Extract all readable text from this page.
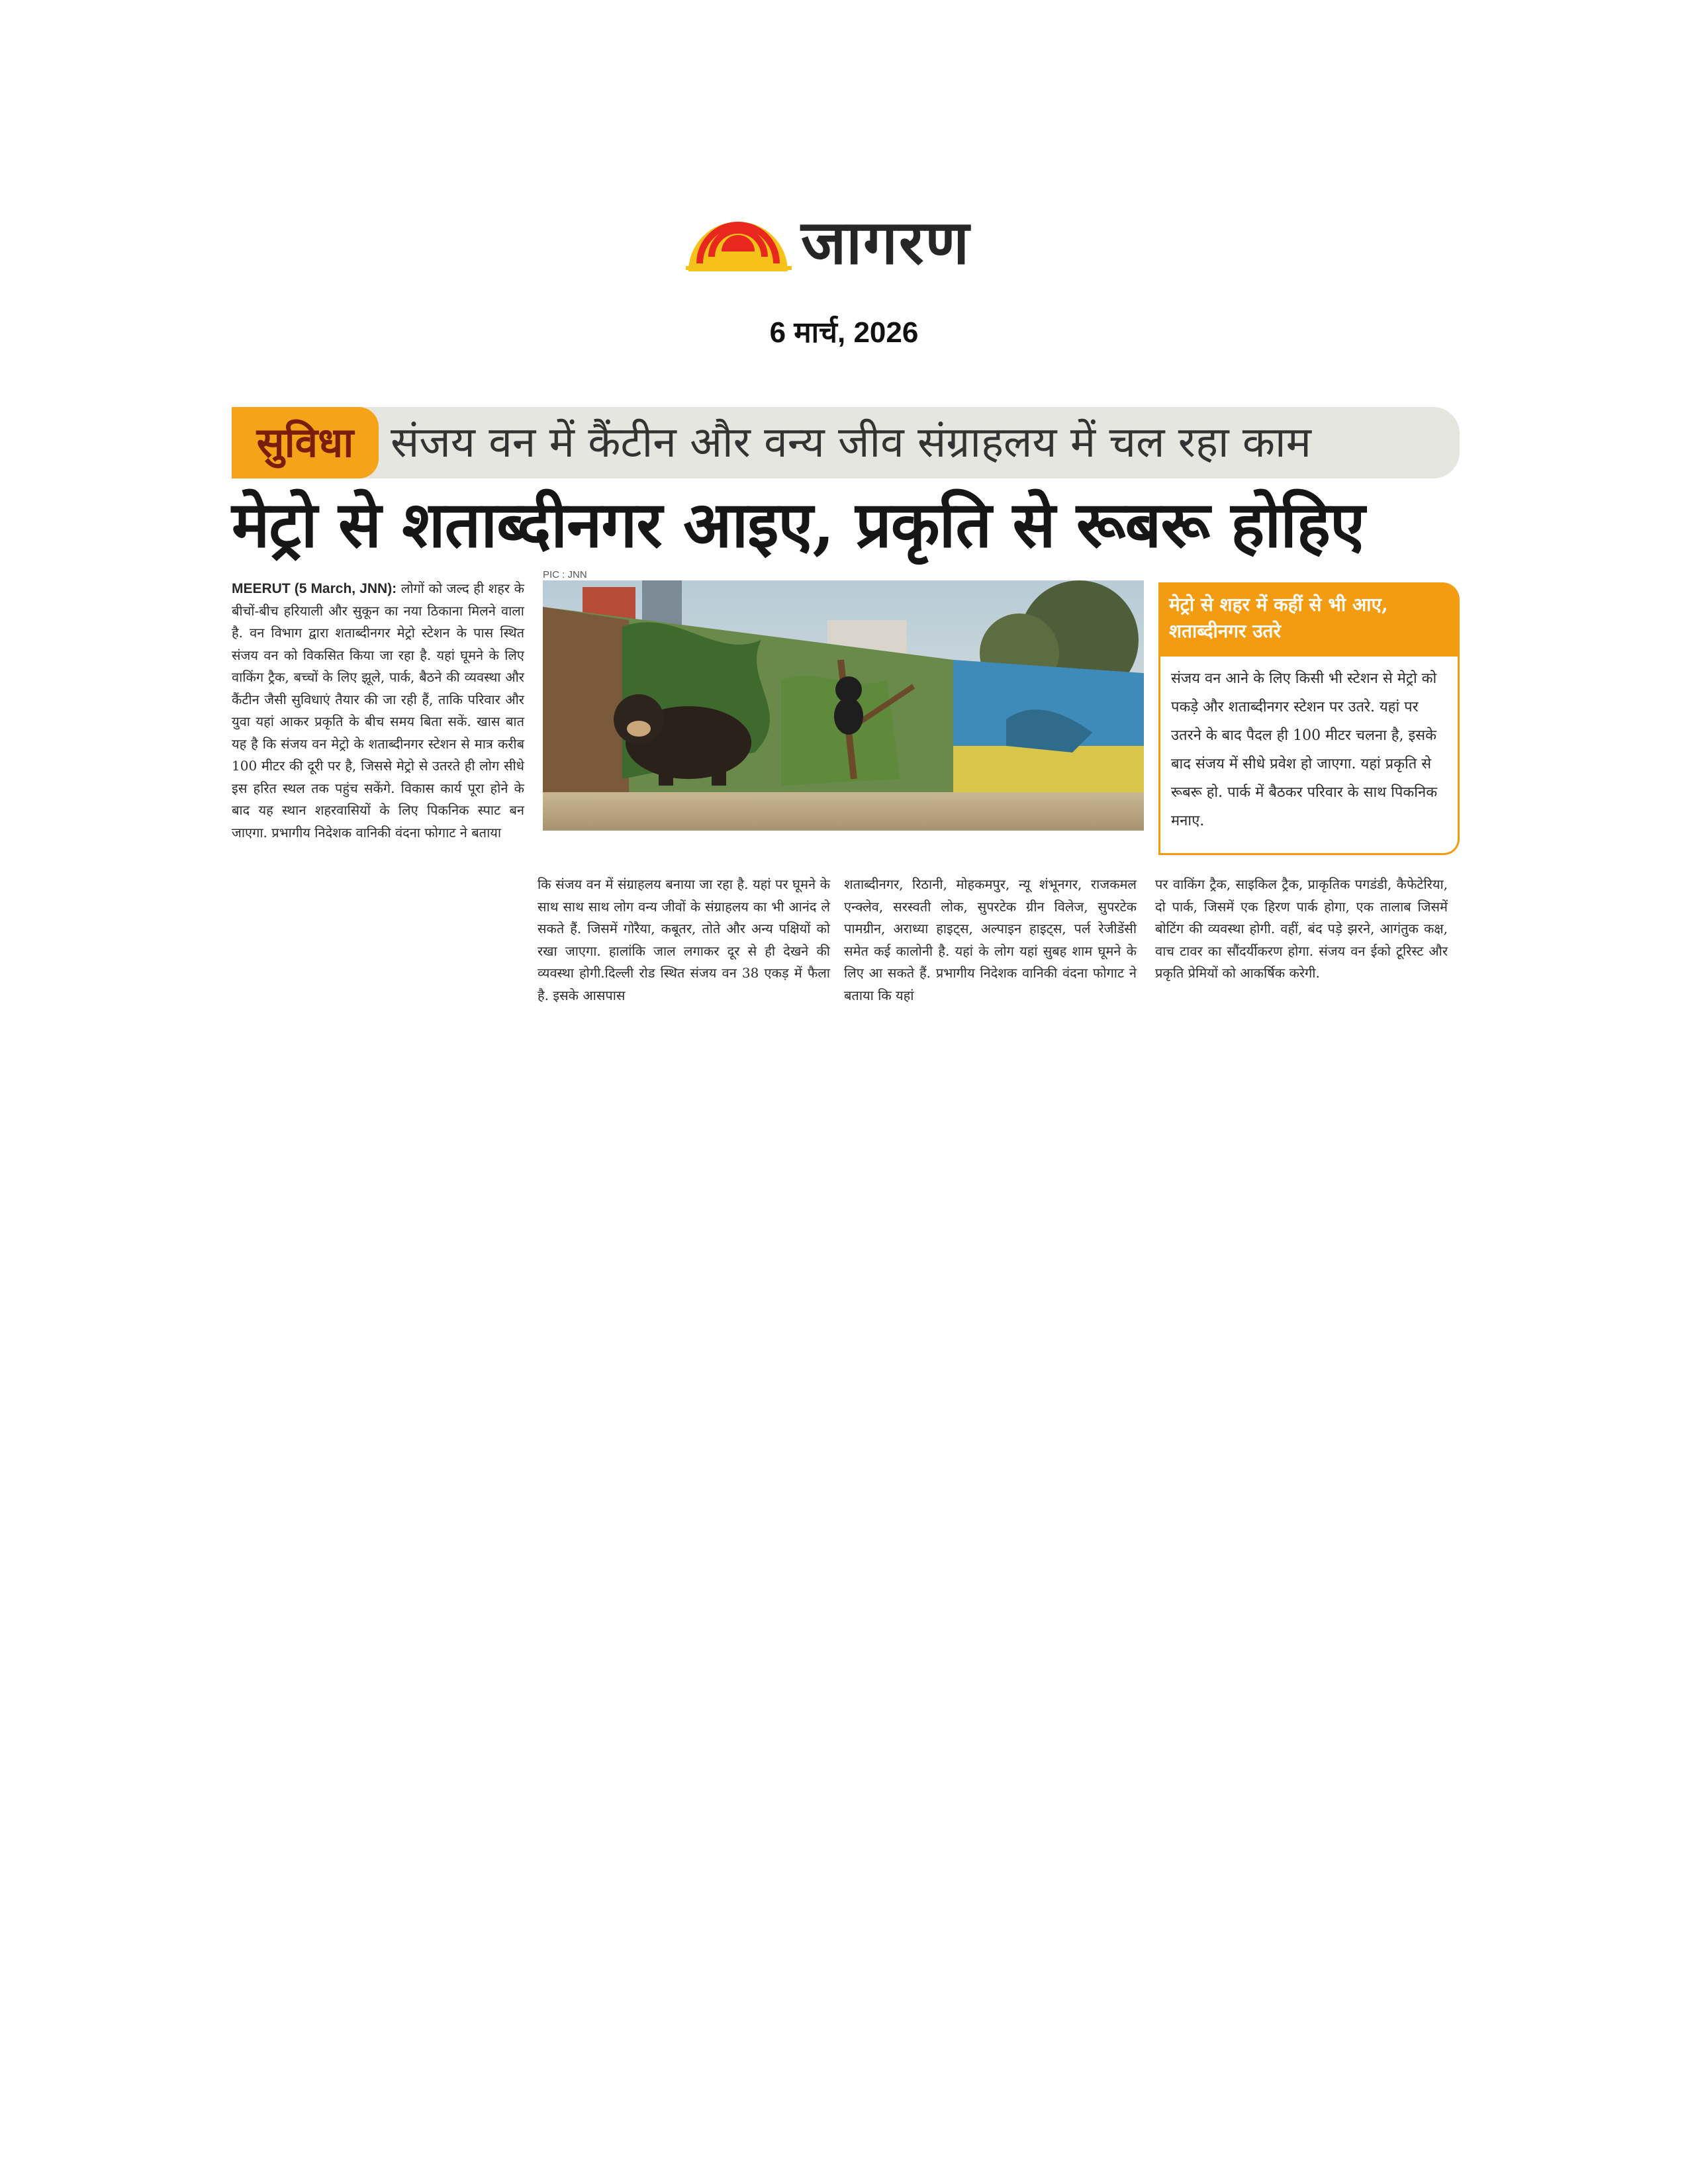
जागरण
6 मार्च, 2026
सुविधा संजय वन में कैंटीन और वन्य जीव संग्राहलय में चल रहा काम
मेट्रो से शताब्दीनगर आइए, प्रकृति से रूबरू होहिए
MEERUT (5 March, JNN): लोगों को जल्द ही शहर के बीचों-बीच हरियाली और सुकून का नया ठिकाना मिलने वाला है. वन विभाग द्वारा शताब्दीनगर मेट्रो स्टेशन के पास स्थित संजय वन को विकसित किया जा रहा है. यहां घूमने के लिए वाकिंग ट्रैक, बच्चों के लिए झूले, पार्क, बैठने की व्यवस्था और कैंटीन जैसी सुविधाएं तैयार की जा रही हैं, ताकि परिवार और युवा यहां आकर प्रकृति के बीच समय बिता सकें. खास बात यह है कि संजय वन मेट्रो के शताब्दीनगर स्टेशन से मात्र करीब 100 मीटर की दूरी पर है, जिससे मेट्रो से उतरते ही लोग सीधे इस हरित स्थल तक पहुंच सकेंगे. विकास कार्य पूरा होने के बाद यह स्थान शहरवासियों के लिए पिकनिक स्पाट बन जाएगा. प्रभागीय निदेशक वानिकी वंदना फोगाट ने बताया
PIC : JNN
मेट्रो से शहर में कहीं से भी आए, शताब्दीनगर उतरे
संजय वन आने के लिए किसी भी स्टेशन से मेट्रो को पकड़े और शताब्दीनगर स्टेशन पर उतरे. यहां पर उतरने के बाद पैदल ही 100 मीटर चलना है, इसके बाद संजय में सीधे प्रवेश हो जाएगा. यहां प्रकृति से रूबरू हो. पार्क में बैठकर परिवार के साथ पिकनिक मनाए.
कि संजय वन में संग्राहलय बनाया जा रहा है. यहां पर घूमने के साथ साथ साथ लोग वन्य जीवों के संग्राहलय का भी आनंद ले सकते हैं. जिसमें गोरैया, कबूतर, तोते और अन्य पक्षियों को रखा जाएगा. हालांकि जाल लगाकर दूर से ही देखने की व्यवस्था होगी.दिल्ली रोड स्थित संजय वन 38 एकड़ में फैला है. इसके आसपास
शताब्दीनगर, रिठानी, मोहकमपुर, न्यू शंभूनगर, राजकमल एन्क्लेव, सरस्वती लोक, सुपरटेक ग्रीन विलेज, सुपरटेक पामग्रीन, अराध्या हाइट्स, अल्पाइन हाइट्स, पर्ल रेजीडेंसी समेत कई कालोनी है. यहां के लोग यहां सुबह शाम घूमने के लिए आ सकते हैं. प्रभागीय निदेशक वानिकी वंदना फोगाट ने बताया कि यहां
पर वाकिंग ट्रैक, साइकिल ट्रैक, प्राकृतिक पगडंडी, कैफेटेरिया, दो पार्क, जिसमें एक हिरण पार्क होगा, एक तालाब जिसमें बोटिंग की व्यवस्था होगी. वहीं, बंद पड़े झरने, आगंतुक कक्ष, वाच टावर का सौंदर्यीकरण होगा. संजय वन ईको टूरिस्ट और प्रकृति प्रेमियों को आकर्षिक करेगी.
